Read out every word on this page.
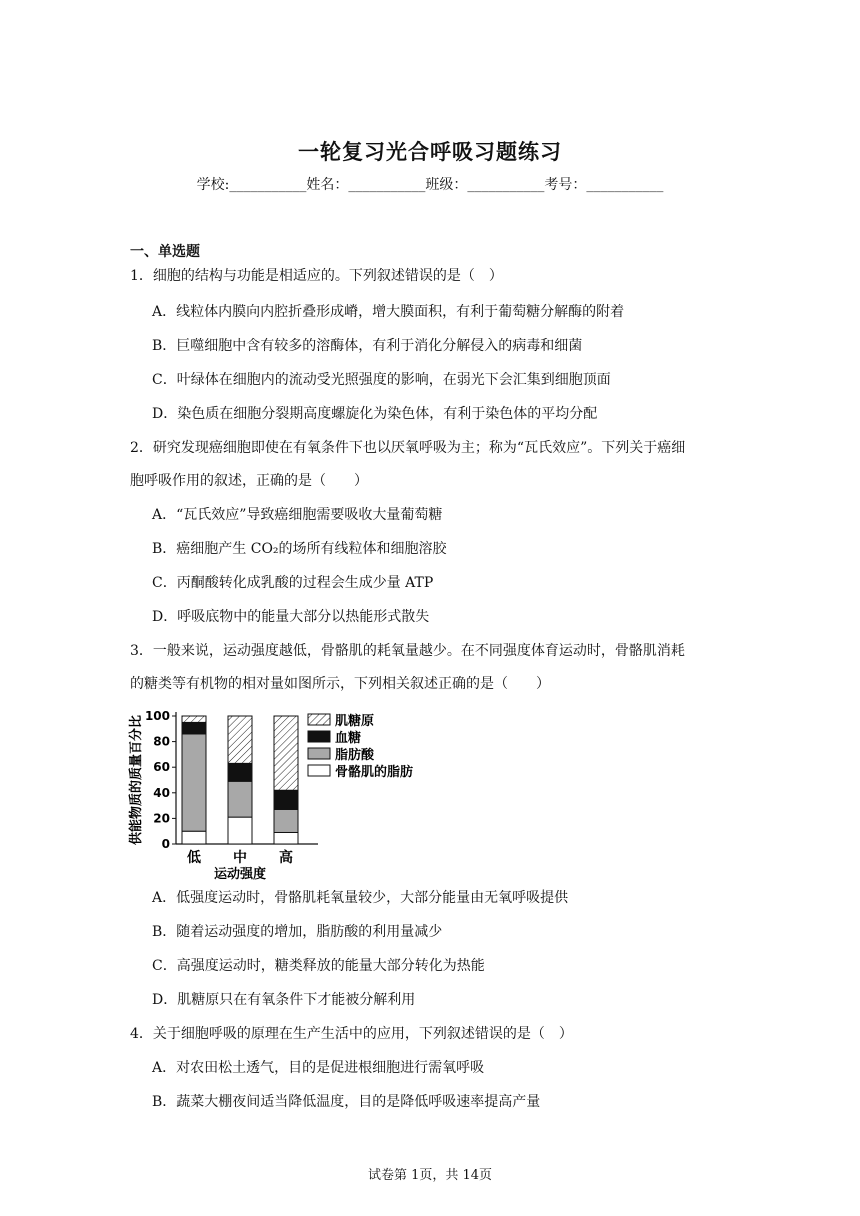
一轮复习光合呼吸习题练习
学校:___________姓名：___________班级：___________考号：___________
一、单选题
1．细胞的结构与功能是相适应的。下列叙述错误的是（　）
A．线粒体内膜向内腔折叠形成嵴，增大膜面积，有利于葡萄糖分解酶的附着
B．巨噬细胞中含有较多的溶酶体，有利于消化分解侵入的病毒和细菌
C．叶绿体在细胞内的流动受光照强度的影响，在弱光下会汇集到细胞顶面
D．染色质在细胞分裂期高度螺旋化为染色体，有利于染色体的平均分配
2．研究发现癌细胞即使在有氧条件下也以厌氧呼吸为主；称为“瓦氏效应”。下列关于癌细
胞呼吸作用的叙述，正确的是（　　）
A．“瓦氏效应”导致癌细胞需要吸收大量葡萄糖
B．癌细胞产生 CO₂的场所有线粒体和细胞溶胶
C．丙酮酸转化成乳酸的过程会生成少量 ATP
D．呼吸底物中的能量大部分以热能形式散失
3．一般来说，运动强度越低，骨骼肌的耗氧量越少。在不同强度体育运动时，骨骼肌消耗
的糖类等有机物的相对量如图所示，下列相关叙述正确的是（　　）
0
20
40
60
80
100
供能物质的质量百分比
低 中 高
运动强度
肌糖原
血糖
脂肪酸
骨骼肌的脂肪
A．低强度运动时，骨骼肌耗氧量较少，大部分能量由无氧呼吸提供
B．随着运动强度的增加，脂肪酸的利用量减少
C．高强度运动时，糖类释放的能量大部分转化为热能
D．肌糖原只在有氧条件下才能被分解利用
4．关于细胞呼吸的原理在生产生活中的应用，下列叙述错误的是（　）
A．对农田松土透气，目的是促进根细胞进行需氧呼吸
B．蔬菜大棚夜间适当降低温度，目的是降低呼吸速率提高产量
试卷第 1页，共 14页
